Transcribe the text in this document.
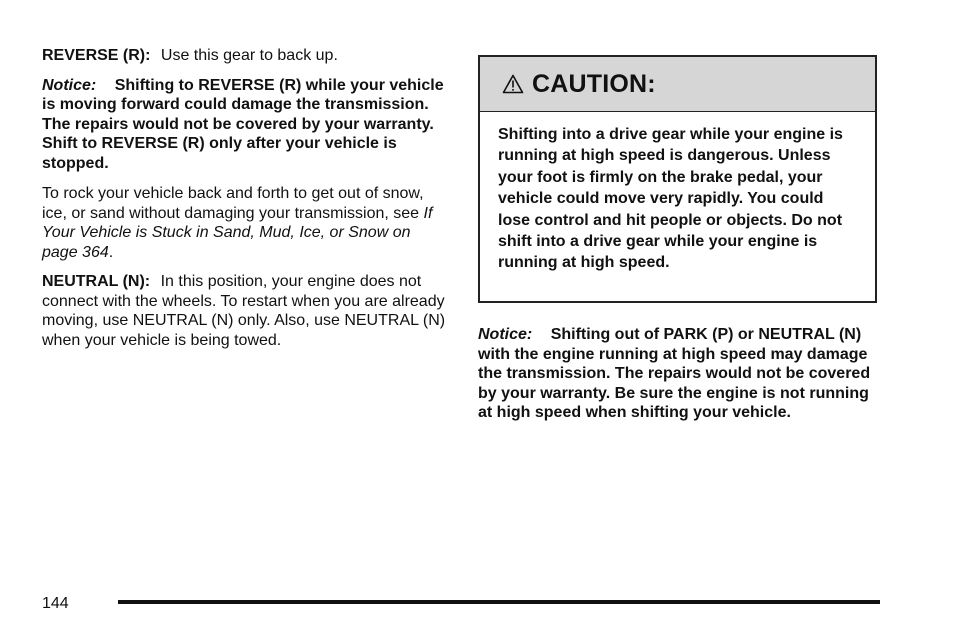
REVERSE (R): Use this gear to back up.

Notice: Shifting to REVERSE (R) while your vehicle is moving forward could damage the transmission. The repairs would not be covered by your warranty. Shift to REVERSE (R) only after your vehicle is stopped.

To rock your vehicle back and forth to get out of snow, ice, or sand without damaging your transmission, see If Your Vehicle is Stuck in Sand, Mud, Ice, or Snow on page 364.

NEUTRAL (N): In this position, your engine does not connect with the wheels. To restart when you are already moving, use NEUTRAL (N) only. Also, use NEUTRAL (N) when your vehicle is being towed.

CAUTION:
Shifting into a drive gear while your engine is running at high speed is dangerous. Unless your foot is firmly on the brake pedal, your vehicle could move very rapidly. You could lose control and hit people or objects. Do not shift into a drive gear while your engine is running at high speed.
Notice: Shifting out of PARK (P) or NEUTRAL (N) with the engine running at high speed may damage the transmission. The repairs would not be covered by your warranty. Be sure the engine is not running at high speed when shifting your vehicle.
144
